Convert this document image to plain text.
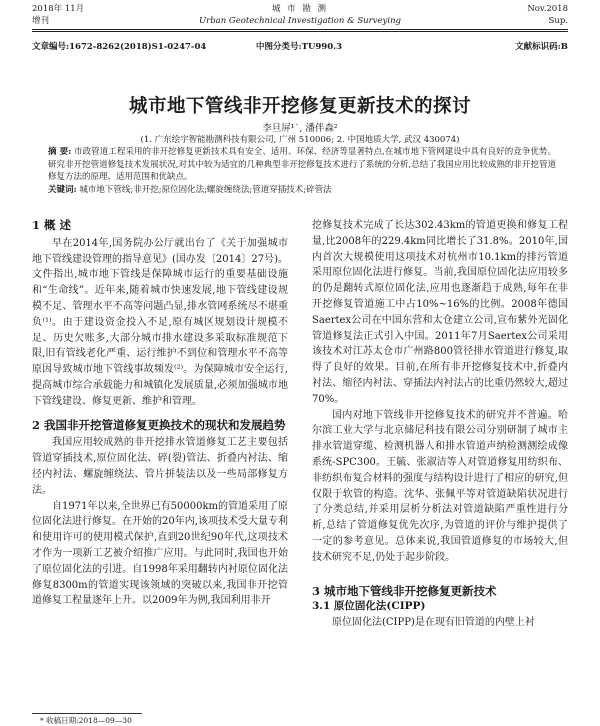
2018年 11月
增刊
城 市 勘 测
Urban Geotechnical Investigation & Surveying
Nov.2018
Sup.
文章编号:1672-8262(2018)S1-0247-04	中图分类号:TU990.3	文献标识码:B
城市地下管线非开挖修复更新技术的探讨
李旦屏¹˙, 潘伴森²
(1. 广东绘宇智能勘测科技有限公司, 广州 510006; 2. 中国地质大学, 武汉 430074)
摘 要: 市政管道工程采用的非开挖修复更新技术具有安全、适用、环保、经济等显著特点,在城市地下管网建设中具有良好的竞争优势。研究非开挖管道修复技术发展状况,对其中较为适宜的几种典型非开挖修复技术进行了系统的分析,总结了我国应用比较成熟的非开挖管道修复方法的原理、适用范围和优缺点。
关键词: 城市地下管线;非开挖;原位固化法;螺旋缠绕法;管道穿插技术;碎管法
1 概 述

早在2014年,国务院办公厅就出台了《关于加强城市地下管线建设管理的指导意见》(国办发〔2014〕27号)。文件指出,城市地下管线是保障城市运行的重要基础设施和“生命线”。近年来,随着城市快速发展,地下管线建设规模不足、管理水平不高等问题凸显,排水管网系统尽不堪重负⁽¹⁾。由于建设资金投入不足,原有城区规划设计规模不足、历史欠账多,大部分城市排水建设多采取标准规范下限,旧有管线老化严重、运行维护不到位和管理水平不高等原因导致城市地下管线事故频发⁽²⁾。为保障城市安全运行,提高城市综合承载能力和城镇化发展质量,必须加强城市地下管线建设、修复更新、维护和管理。

2 我国非开挖管道修复更换技术的现状和发展趋势

我国应用较成熟的非开挖排水管道修复工艺主要包括管道穿插技术,原位固化法、碎(裂)管法、折叠内衬法、缩径内衬法、螺旋缠绕法、管片拼装法以及一些局部修复方法。

自1971年以来,全世界已有50000km的管道采用了原位固化法进行修复。在开始的20年内,该项技术受大量专利和使用许可的使用模式保护,直到20世纪90年代,这项技术才作为一项新工艺被介绍推广应用。与此同时,我国也开始了原位固化法的引进。自1998年采用翻转内衬原位固化法修复8300m的管道实现该领域的突破以来,我国非开挖管道修复工程量逐年上升。以2009年为例,我国利用非开

挖修复技术完成了长达302.43km的管道更换和修复工程量,比2008年的229.4km同比增长了31.8%。2010年,国内首次大规模使用这项技术对杭州市10.1km的排污管道采用原位固化法进行修复。当前,我国原位固化法应用较多的仍是翻转式原位固化法,应用也逐渐趋于成熟,每年在非开挖修复管道施工中占10%~16%的比例。2008年德国Saertex公司在中国东营和太仓建立公司,宣布紫外光固化管道修复法正式引入中国。2011年7月Saertex公司采用该技术对江苏太仓市广州路800管径排水管道进行修复,取得了良好的效果。目前,在所有非开挖修复技术中,折叠内衬法、缩径内衬法、穿插法内衬法占的比重仍然较大,超过70%。

国内对地下管线非开挖修复技术的研究并不普遍。哈尔滨工业大学与北京储尼科技有限公司分别研制了城市主排水管道穿缆、检测机器人和排水管道声纳检测测绘成像系统-SPC300。王毓、张淑洁等人对管道修复用纺织布、非纺织布复合材料的强度与结构设计进行了相应的研究,但仅限于软管的构造。沈华、张佩平等对管道缺陷状况进行了分类总结,并采用层析分析法对管道缺陷严重性进行分析,总结了管道修复优先次序,为管道的评价与维护提供了一定的参考意见。总体来说,我国管道修复的市场较大,但技术研究不足,仍处于起步阶段。

3 城市地下管线非开挖修复更新技术
3.1 原位固化法(CIPP)

原位固化法(CIPP)是在现有旧管道的内壁上衬

* 收稿日期:2018—09—30
